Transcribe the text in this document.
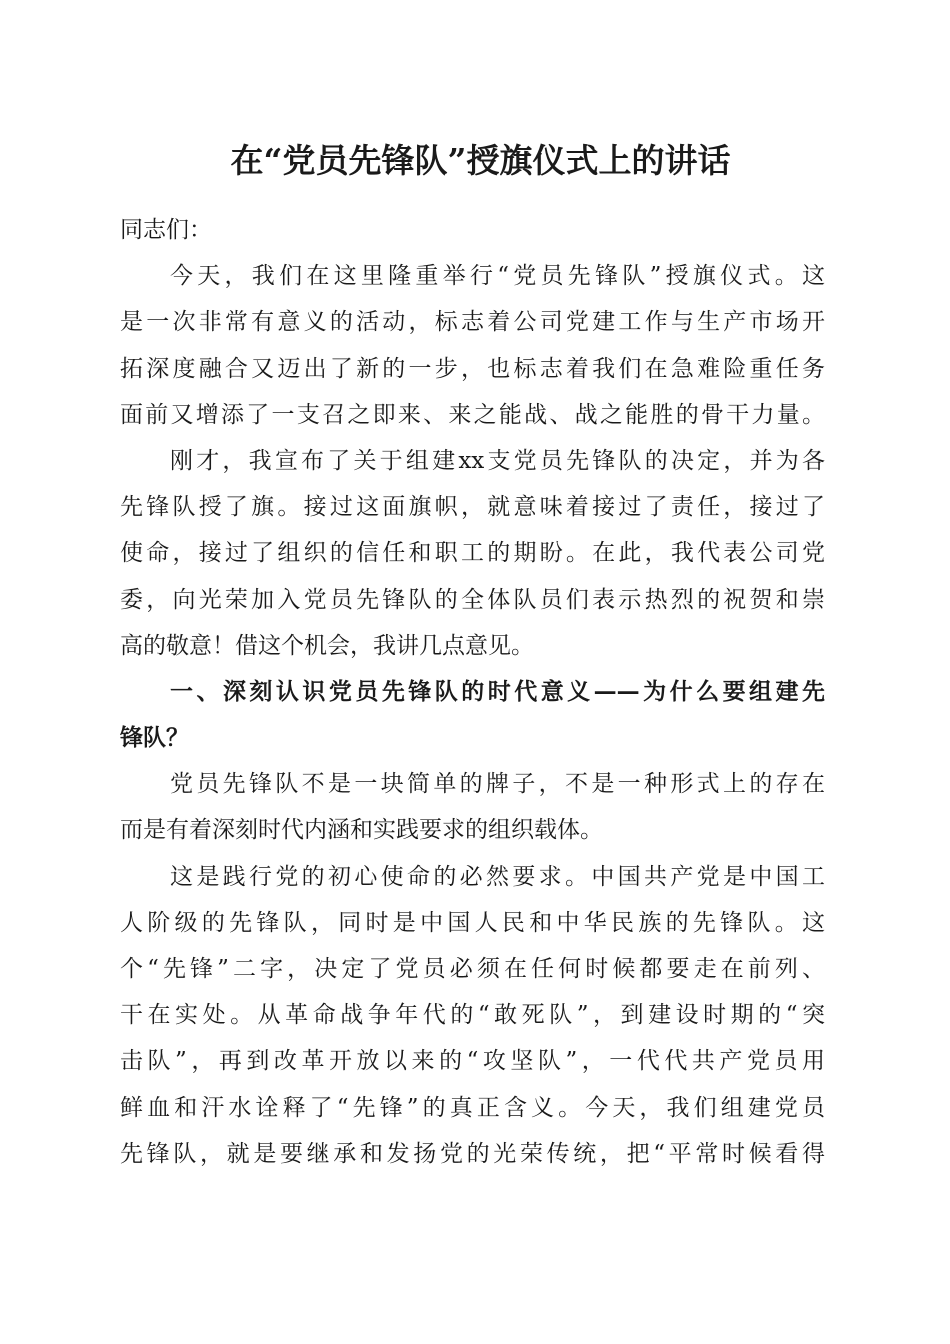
在“党员先锋队”授旗仪式上的讲话
同志们：

今天，我们在这里隆重举行“党员先锋队”授旗仪式。这
是一次非常有意义的活动，标志着公司党建工作与生产市场开
拓深度融合又迈出了新的一步，也标志着我们在急难险重任务
面前又增添了一支召之即来、来之能战、战之能胜的骨干力量。

刚才，我宣布了关于组建xx支党员先锋队的决定，并为各
先锋队授了旗。接过这面旗帜，就意味着接过了责任，接过了
使命，接过了组织的信任和职工的期盼。在此，我代表公司党
委，向光荣加入党员先锋队的全体队员们表示热烈的祝贺和崇
高的敬意！借这个机会，我讲几点意见。

一、深刻认识党员先锋队的时代意义——为什么要组建先
锋队？

党员先锋队不是一块简单的牌子，不是一种形式上的存在
而是有着深刻时代内涵和实践要求的组织载体。

这是践行党的初心使命的必然要求。中国共产党是中国工
人阶级的先锋队，同时是中国人民和中华民族的先锋队。这
个“先锋”二字，决定了党员必须在任何时候都要走在前列、
干在实处。从革命战争年代的“敢死队”，到建设时期的“突
击队”，再到改革开放以来的“攻坚队”，一代代共产党员用
鲜血和汗水诠释了“先锋”的真正含义。今天，我们组建党员
先锋队，就是要继承和发扬党的光荣传统，把“平常时候看得
